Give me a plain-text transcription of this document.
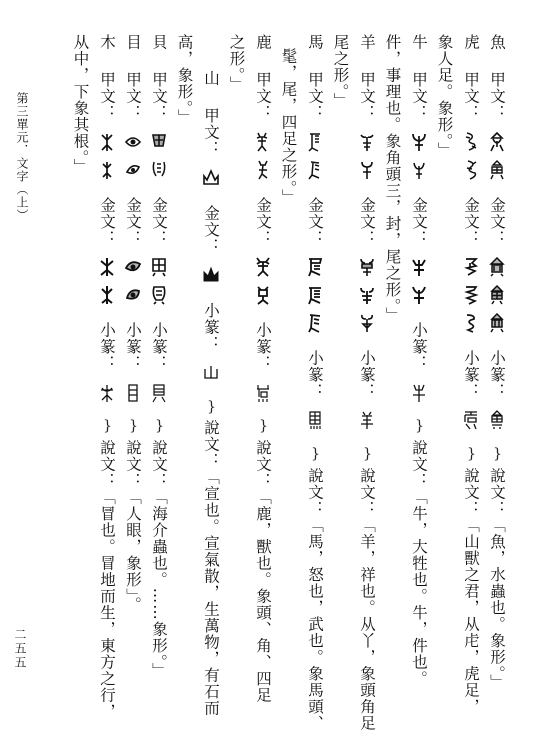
第三單元．文字（上）
二五五
魚 甲文：

金文：

小篆：
{ 說文：「魚，水蟲也。象形。」
虎 甲文：

金文：

小篆：
{ 說文：「山獸之君，从虍，虎足，
象人足。象形。」
牛 甲文：

金文：

小篆：
{ 說文：「牛，大牲也。牛，件也。
件，事理也。象角頭三，封，尾之形。」
羊 甲文：

金文：

小篆：
{ 說文：「羊，祥也。从丫，象頭角足
尾之形。」
馬 甲文：

金文：

小篆：
{ 說文：「馬，怒也，武也。象馬頭、
髦，尾，四足之形。」
鹿 甲文：

金文：

小篆：
{ 說文：「鹿，獸也。象頭、角、四足
之形。」
山 甲文：
金文：
小篆：
{ 說文：「宣也。宣氣散，生萬物，有石而
高，象形。」
貝 甲文：

金文：

小篆：
{ 說文：「海介蟲也。……象形。」
目 甲文：

金文：

小篆：
{ 說文：「人眼，象形」。
木 甲文：

金文：

小篆：
{ 說文：「冒也。冒地而生，東方之行，
从中，下象其根。」
